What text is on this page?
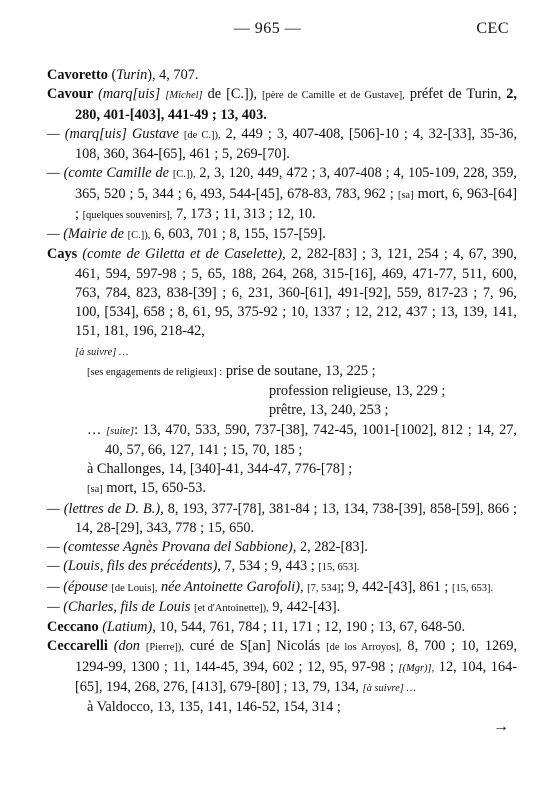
— 965 —	CEC

Cavoretto (Turin), 4, 707.

Cavour (marq[uis] [Michel] de [C.]), [père de Camille et de Gustave], préfet de Turin, 2, 280, 401-[403], 441-49 ; 13, 403.

— (marq[uis] Gustave [de C.]), 2, 449 ; 3, 407-408, [506]-10 ; 4, 32-[33], 35-36, 108, 360, 364-[65], 461 ; 5, 269-[70].

— (comte Camille de [C.]), 2, 3, 120, 449, 472 ; 3, 407-408 ; 4, 105-109, 228, 359, 365, 520 ; 5, 344 ; 6, 493, 544-[45], 678-83, 783, 962 ; [sa] mort, 6, 963-[64] ; [quelques souvenirs], 7, 173 ; 11, 313 ; 12, 10.

— (Mairie de [C.]), 6, 603, 701 ; 8, 155, 157-[59].

Cays (comte de Giletta et de Caselette), 2, 282-[83] ; 3, 121, 254 ; 4, 67, 390, 461, 594, 597-98 ; 5, 65, 188, 264, 268, 315-[16], 469, 471-77, 511, 600, 763, 784, 823, 838-[39] ; 6, 231, 360-[61], 491-[92], 559, 817-23 ; 7, 96, 100, [534], 658 ; 8, 61, 95, 375-92 ; 10, 1337 ; 12, 212, 437 ; 13, 139, 141, 151, 181, 196, 218-42,
[à suivre] …

[ses engagements de religieux] : prise de soutane, 13, 225 ;
profession religieuse, 13, 229 ;
prêtre, 13, 240, 253 ;

… [suite]: 13, 470, 533, 590, 737-[38], 742-45, 1001-[1002], 812 ; 14, 27, 40, 57, 66, 127, 141 ; 15, 70, 185 ;

à Challonges, 14, [340]-41, 344-47, 776-[78] ;

[sa] mort, 15, 650-53.

— (lettres de D. B.), 8, 193, 377-[78], 381-84 ; 13, 134, 738-[39], 858-[59], 866 ; 14, 28-[29], 343, 778 ; 15, 650.

— (comtesse Agnès Provana del Sabbione), 2, 282-[83].

— (Louis, fils des précédents), 7, 534 ; 9, 443 ; [15, 653].

— (épouse [de Louis], née Antoinette Garofoli), [7, 534]; 9, 442-[43], 861 ; [15, 653].

— (Charles, fils de Louis [et d'Antoinette]), 9, 442-[43].

Ceccano (Latium), 10, 544, 761, 784 ; 11, 171 ; 12, 190 ; 13, 67, 648-50.

Ceccarelli (don [Pierre]), curé de S[an] Nicolás [de los Arroyos], 8, 700 ; 10, 1269, 1294-99, 1300 ; 11, 144-45, 394, 602 ; 12, 95, 97-98 ; [(Mgr)], 12, 104, 164-[65], 194, 268, 276, [413], 679-[80] ; 13, 79, 134, [à suivre] …

à Valdocco, 13, 135, 141, 146-52, 154, 314 ;

→
